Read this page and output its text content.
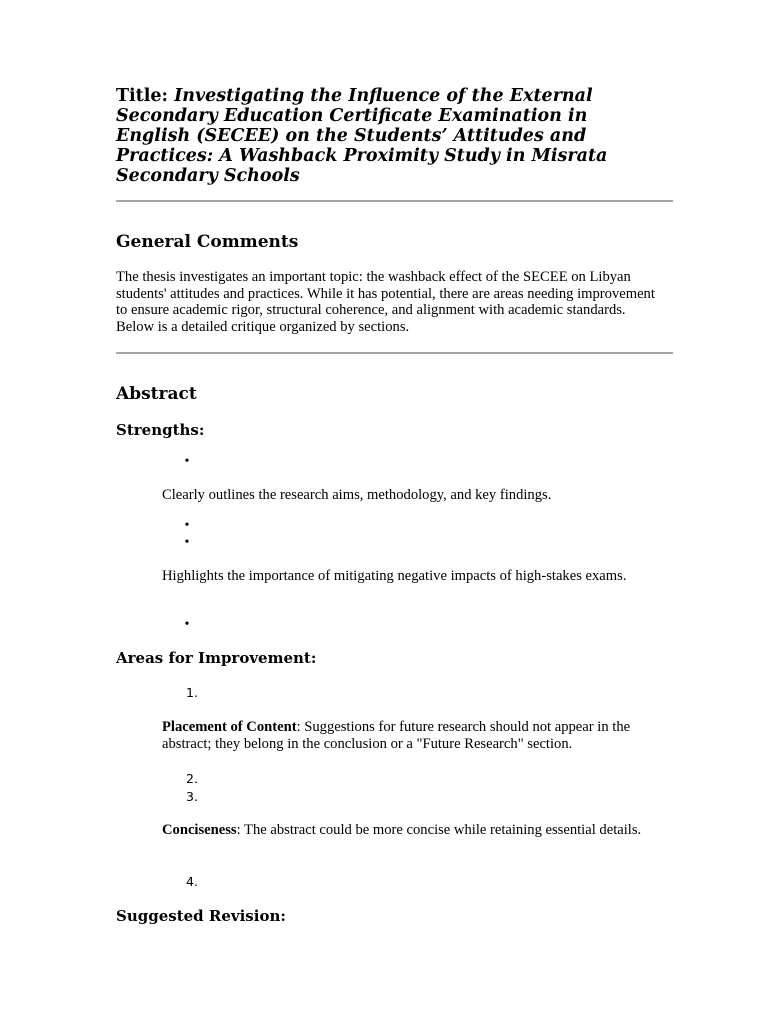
Title: Investigating the Influence of the External Secondary Education Certificate Examination in English (SECEE) on the Students’ Attitudes and Practices: A Washback Proximity Study in Misrata Secondary Schools
General Comments

The thesis investigates an important topic: the washback effect of the SECEE on Libyan students' attitudes and practices. While it has potential, there are areas needing improvement to ensure academic rigor, structural coherence, and alignment with academic standards. Below is a detailed critique organized by sections.

Abstract
Strengths:
•

Clearly outlines the research aims, methodology, and key findings.

•
•

Highlights the importance of mitigating negative impacts of high-stakes exams.

•
Areas for Improvement:
1.

Placement of Content: Suggestions for future research should not appear in the abstract; they belong in the conclusion or a "Future Research" section.

2.
3.

Conciseness: The abstract could be more concise while retaining essential details.

4.
Suggested Revision:
